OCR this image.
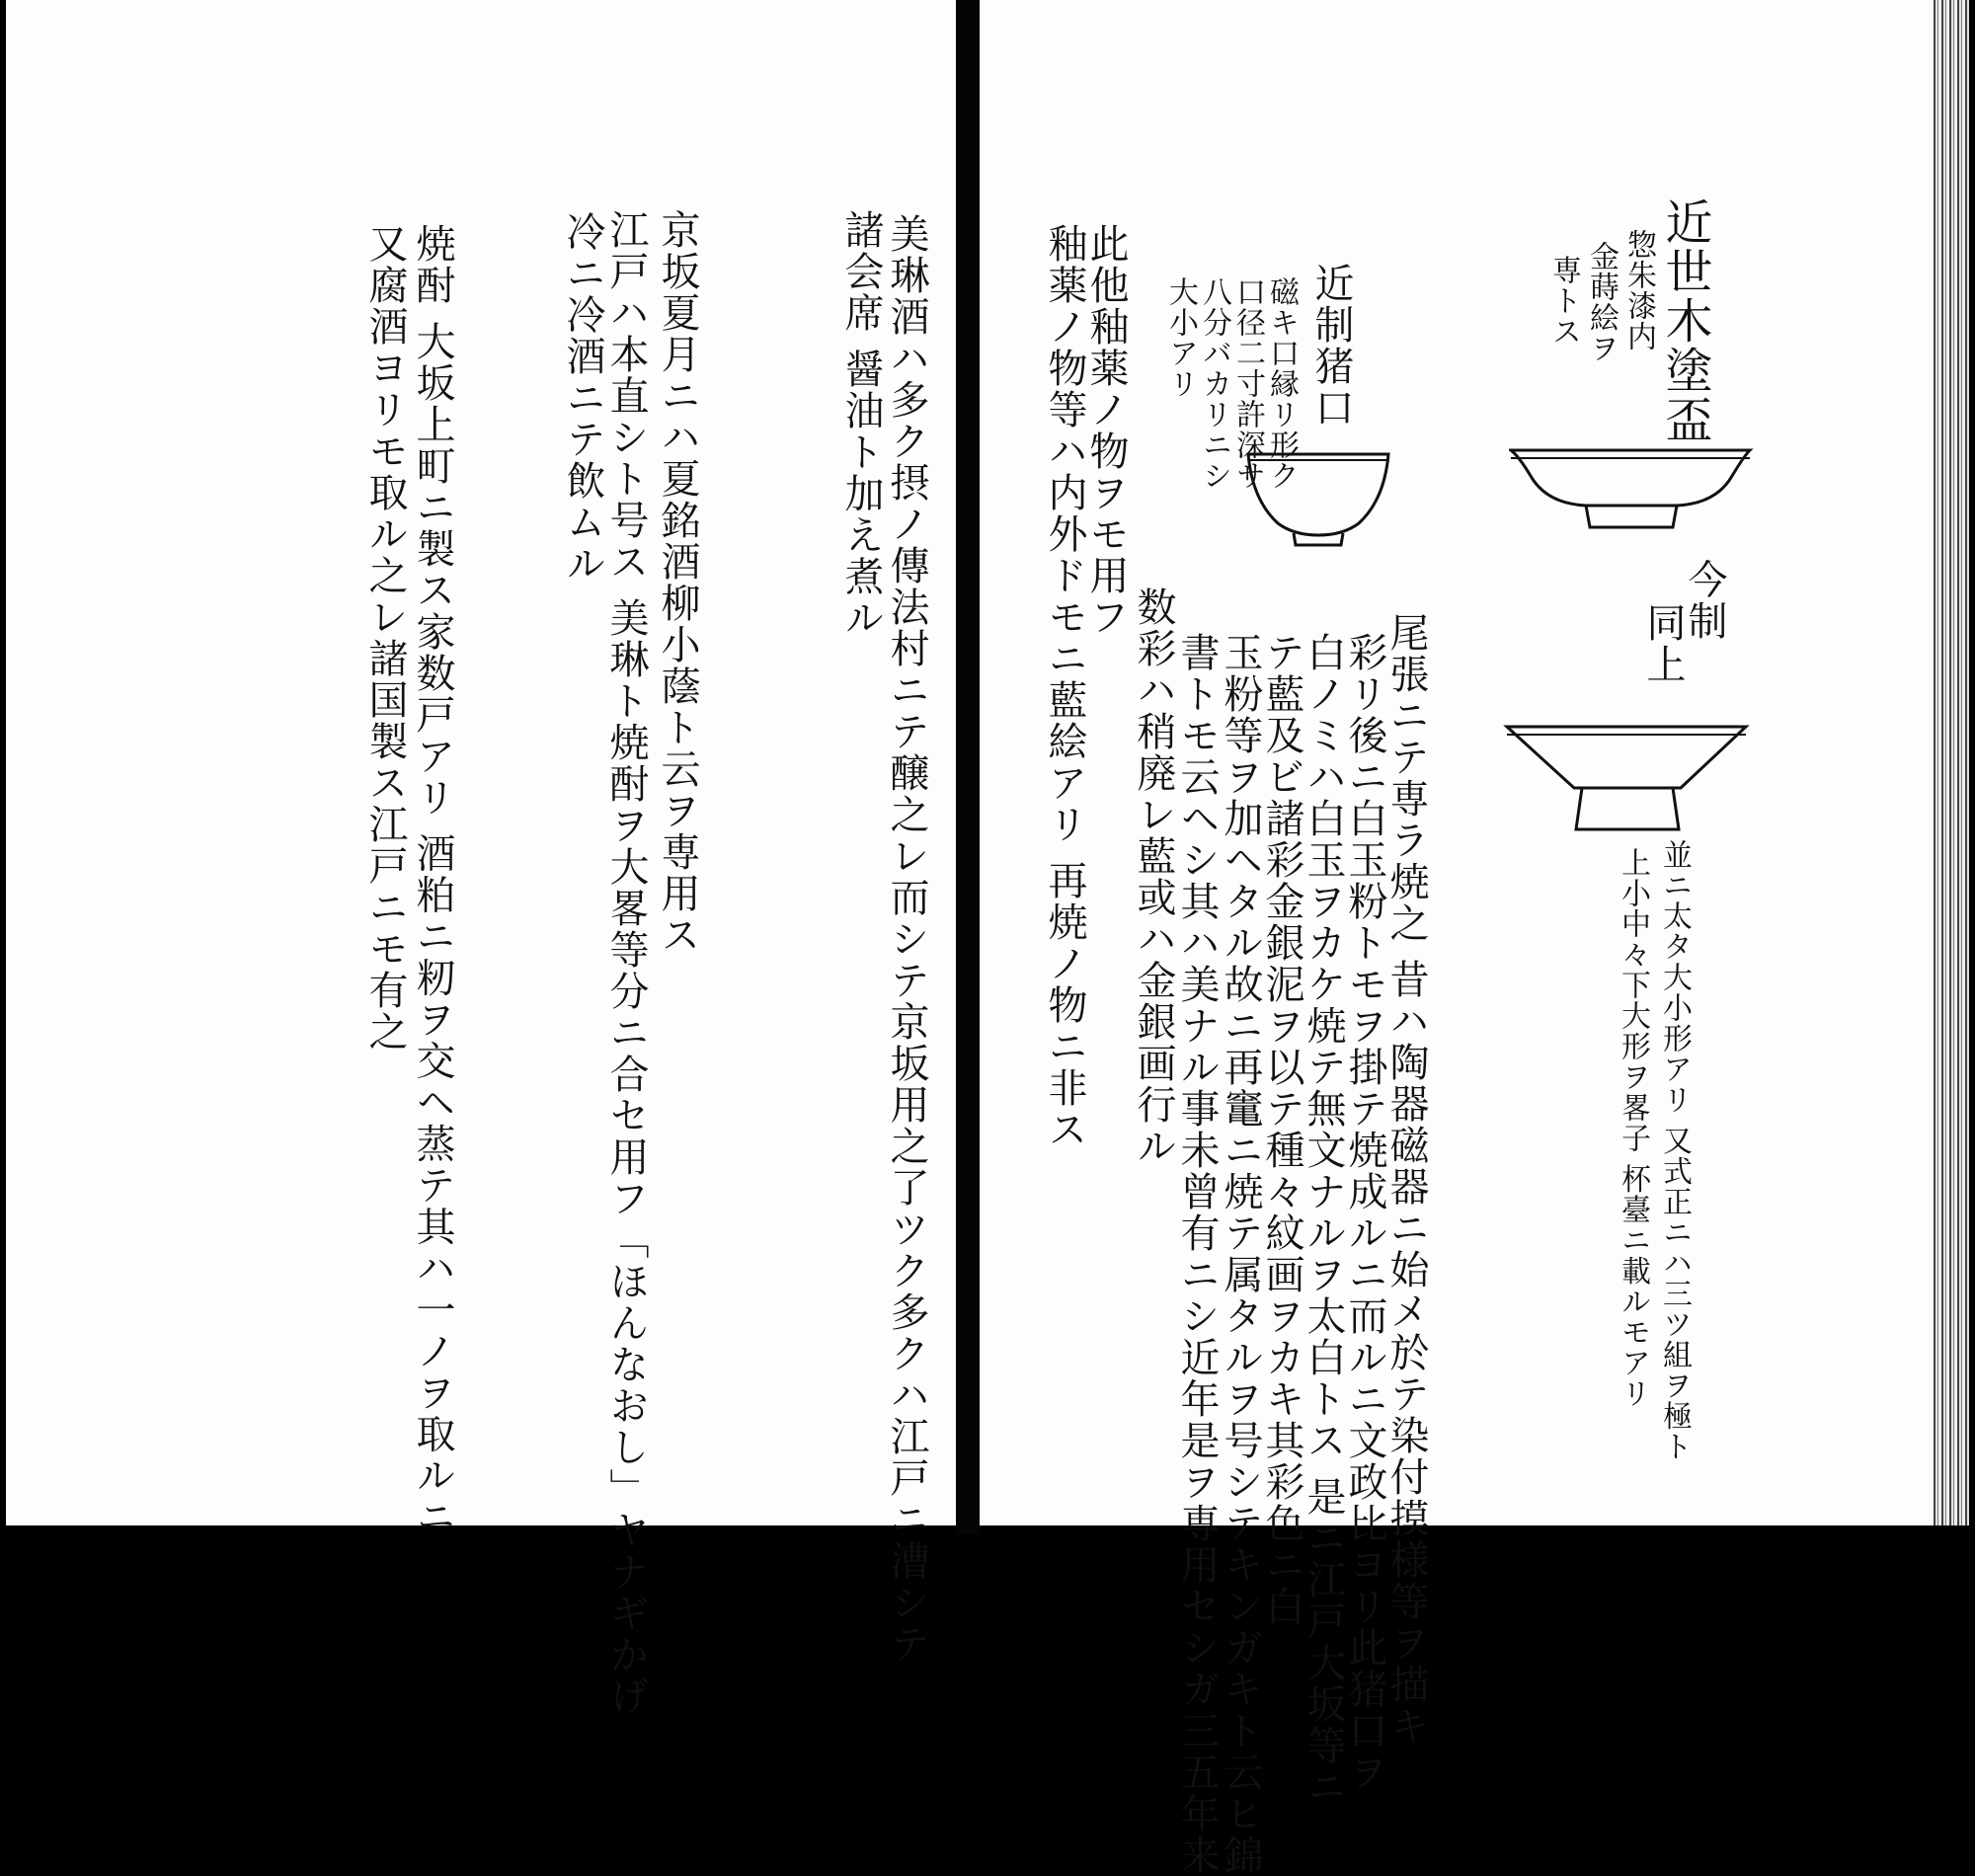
美琳酒ハ多ク摂ノ傳法村ニテ醸之レ而シテ京坂用之了ツク多クハ江戸ニ漕シテ
諸会席 醤油ト加え煮ル
京坂夏月ニハ夏銘酒柳小蔭ト云ヲ専用ス
江戸ハ本直シト号ス 美琳ト焼酎ヲ大畧等分ニ合セ用フ「ほんなおし」ヤナギかげ
冷ニ冷酒ニテ飲ムル
焼酎 大坂上町ニ製ス家数戸アリ 酒粕ニ籾ヲ交ヘ蒸テ其ハ一ノヲ取ルニ
又腐酒ヨリモ取ル之レ諸国製ス江戸ニモ有之	近世木塗盃
惣朱漆内
金蒔絵ヲ
専トス
今制
同上
並ニ太タ大小形アリ 又式正ニハ三ツ組ヲ極ト
上小中々下大形ヲ畧子 杯臺ニ載ルモアリ
近制猪口
磁キ口縁リ形ク
口径二寸許深サ
八分バカリニシ
大小アリ
尾張ニテ専ラ焼之 昔ハ陶器磁器ニ始メ於テ染付摸様等ヲ描キ
彩リ後ニ白玉粉トモヲ掛テ焼成ルニ而ルニ文政比ヨリ此猪口ヲ
白ノミハ白玉ヲカケ焼テ無文ナルヲ太白トス 是ニ江戸大坂等ニ
テ藍及ビ諸彩金銀泥ヲ以テ種々紋画ヲカキ其彩色ニ白
玉粉等ヲ加ヘタル故ニ再竃ニ焼テ属タルヲ号シテキンガキト云ヒ錦
書トモ云ヘシ其ハ美ナル事未曾有ニシ近年是ヲ専用セシガ三五年来
数彩ハ稍廃レ藍或ハ金銀画行ル
此他釉薬ノ物ヲモ用フ
釉薬ノ物等ハ内外ドモニ藍絵アリ 再焼ノ物ニ非ス
